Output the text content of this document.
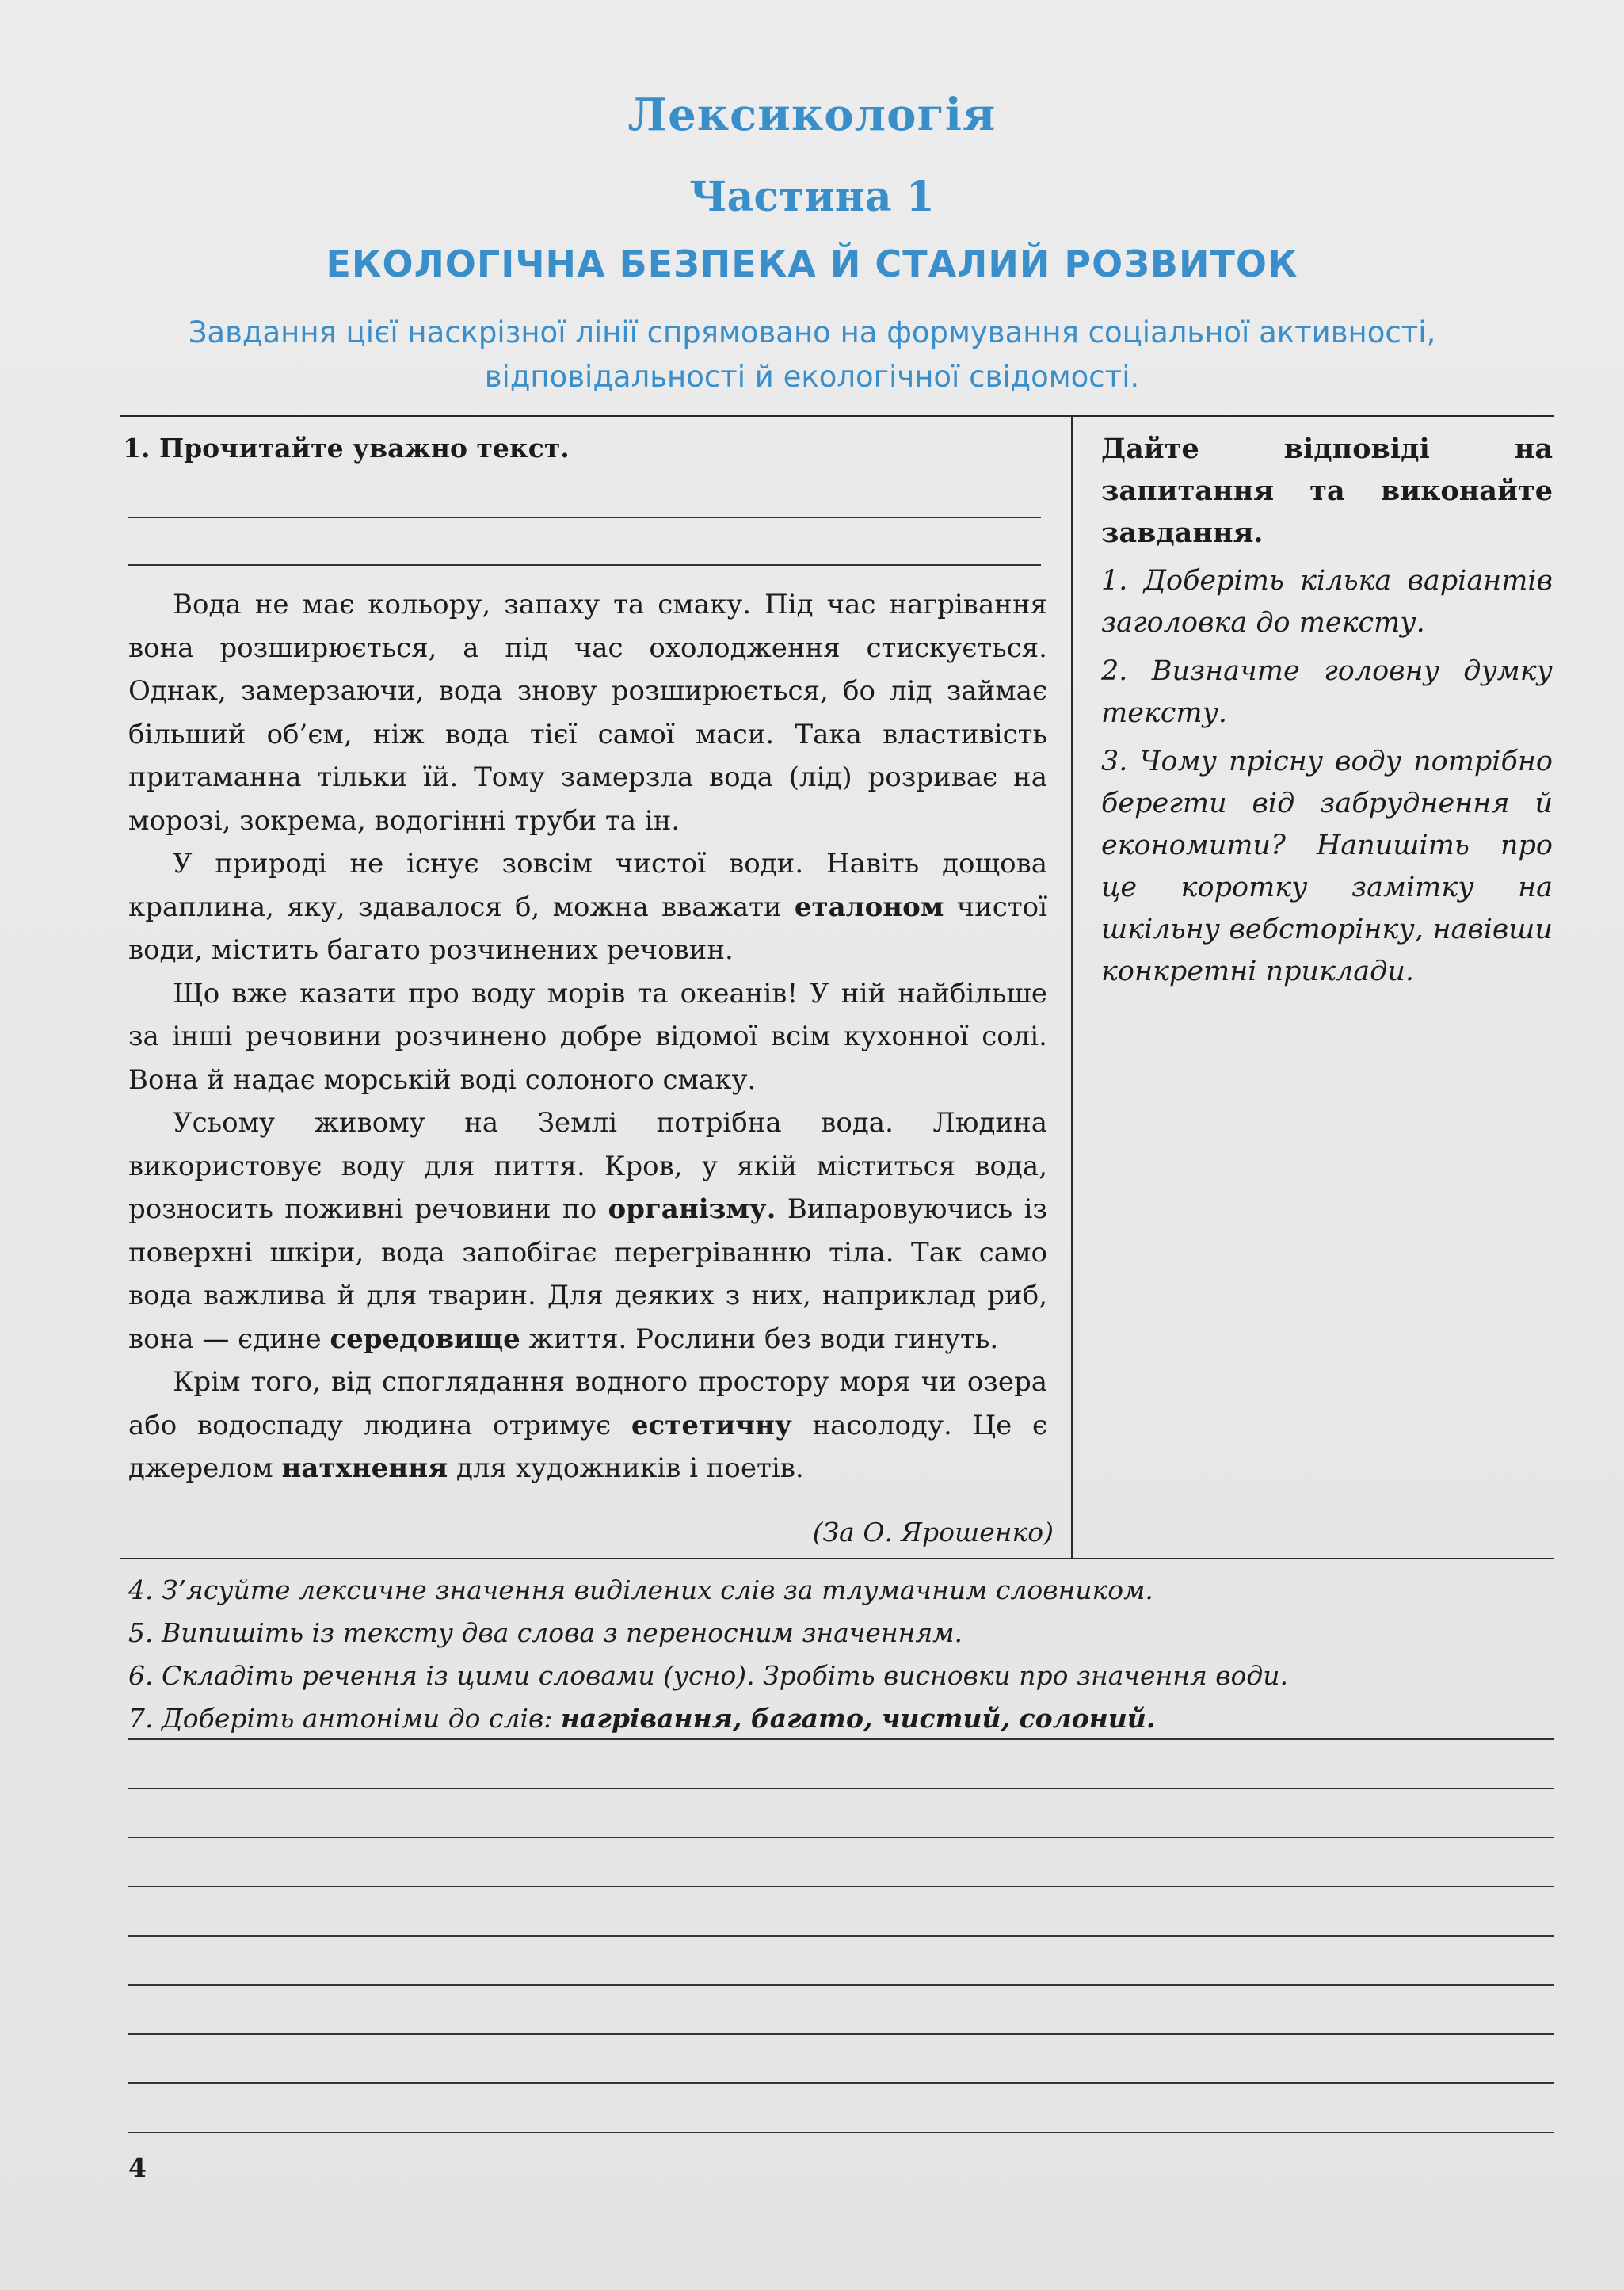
Лексикологія
Частина 1
ЕКОЛОГІЧНА БЕЗПЕКА Й СТАЛИЙ РОЗВИТОК
Завдання цієї наскрізної лінії спрямовано на формування соціальної активності,
відповідальності й екологічної свідомості.
1. Прочитайте уважно текст.

Вода не має кольору, запаху та смаку. Під час нагрівання вона розширюється, а під час охолодження стискується. Однак, замерзаючи, вода знову розширюється, бо лід займає більший об’єм, ніж вода тієї самої маси. Така властивість притаманна тільки їй. Тому замерзла вода (лід) розриває на морозі, зокрема, водогінні труби та ін.

У природі не існує зовсім чистої води. Навіть дощова краплина, яку, здавалося б, можна вважати еталоном чистої води, містить багато розчинених речовин.

Що вже казати про воду морів та океанів! У ній найбільше за інші речовини розчинено добре відомої всім кухонної солі. Вона й надає морській воді солоного смаку.

Усьому живому на Землі потрібна вода. Людина використовує воду для пиття. Кров, у якій міститься вода, розносить поживні речовини по організму. Випаровуючись із поверхні шкіри, вода запобігає перегріванню тіла. Так само вода важлива й для тварин. Для деяких з них, наприклад риб, вона — єдине середовище життя. Рослини без води гинуть.

Крім того, від споглядання водного простору моря чи озера або водоспаду людина отримує естетичну насолоду. Це є джерелом натхнення для художників і поетів.

(За О. Ярошенко)
Дайте відповіді на запитання та виконайте завдання.
1. Доберіть кілька варіантів заголовка до тексту.
2. Визначте головну думку тексту.
3. Чому прісну воду потрібно берегти від забруднення й економити? Напишіть про це коротку замітку на шкільну вебсторінку, навівши конкретні приклади.
4. З’ясуйте лексичне значення виділених слів за тлумачним словником.
5. Випишіть із тексту два слова з переносним значенням.
6. Складіть речення із цими словами (усно). Зробіть висновки про значення води.
7. Доберіть антоніми до слів: нагрівання, багато, чистий, солоний.
4
